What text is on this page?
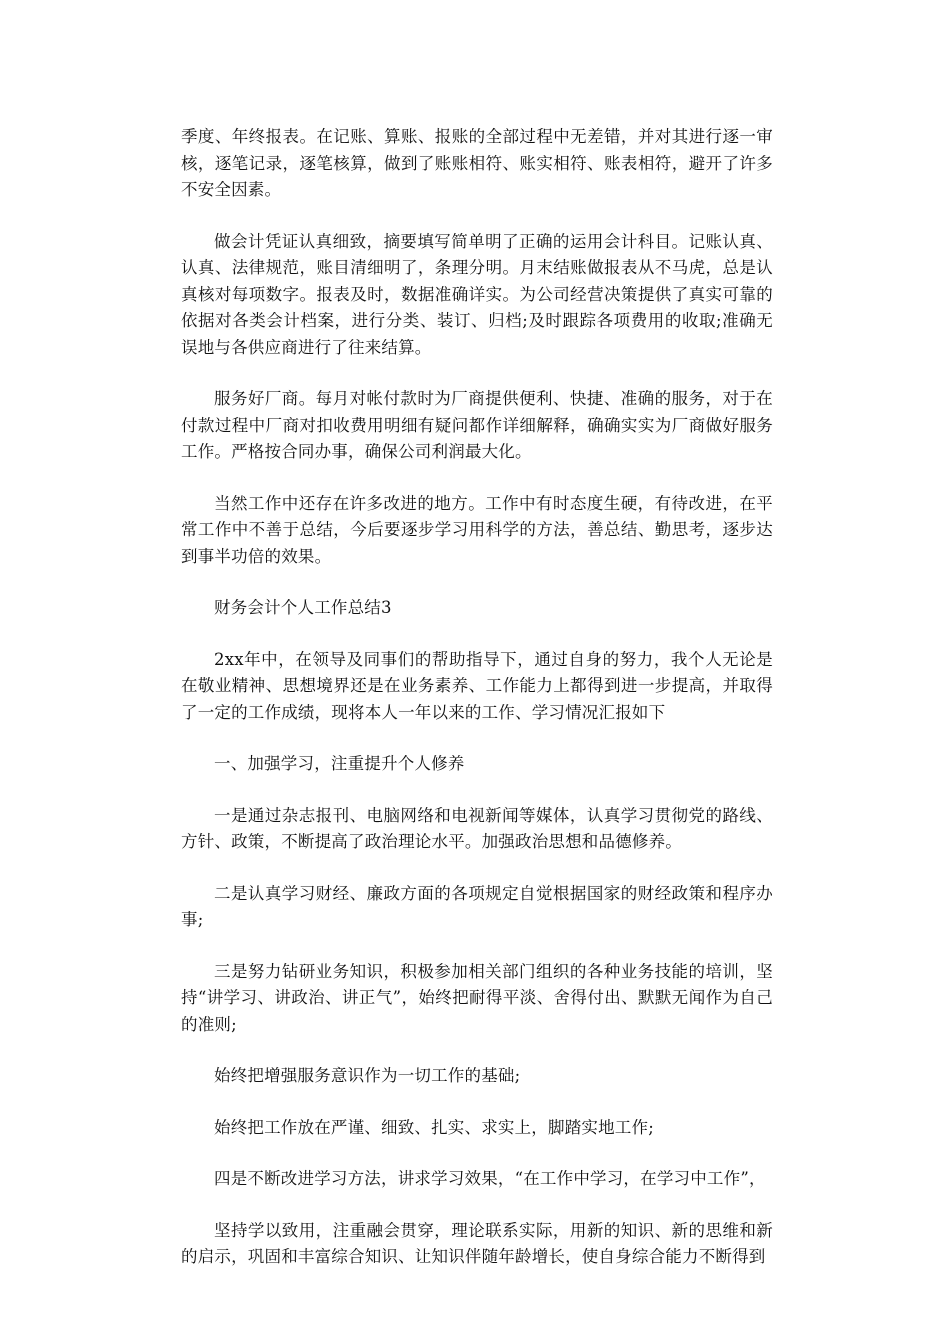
季度、年终报表。在记账、算账、报账的全部过程中无差错，并对其进行逐一审核，逐笔记录，逐笔核算，做到了账账相符、账实相符、账表相符，避开了许多不安全因素。

做会计凭证认真细致，摘要填写简单明了正确的运用会计科目。记账认真、认真、法律规范，账目清细明了，条理分明。月末结账做报表从不马虎，总是认真核对每项数字。报表及时，数据准确详实。为公司经营决策提供了真实可靠的依据对各类会计档案，进行分类、装订、归档;及时跟踪各项费用的收取;准确无误地与各供应商进行了往来结算。

服务好厂商。每月对帐付款时为厂商提供便利、快捷、准确的服务，对于在付款过程中厂商对扣收费用明细有疑问都作详细解释，确确实实为厂商做好服务工作。严格按合同办事，确保公司利润最大化。

当然工作中还存在许多改进的地方。工作中有时态度生硬，有待改进，在平常工作中不善于总结，今后要逐步学习用科学的方法，善总结、勤思考，逐步达到事半功倍的效果。

财务会计个人工作总结3

2xx年中，在领导及同事们的帮助指导下，通过自身的努力，我个人无论是在敬业精神、思想境界还是在业务素养、工作能力上都得到进一步提高，并取得了一定的工作成绩，现将本人一年以来的工作、学习情况汇报如下

一、加强学习，注重提升个人修养

一是通过杂志报刊、电脑网络和电视新闻等媒体，认真学习贯彻党的路线、方针、政策，不断提高了政治理论水平。加强政治思想和品德修养。

二是认真学习财经、廉政方面的各项规定自觉根据国家的财经政策和程序办事;

三是努力钻研业务知识，积极参加相关部门组织的各种业务技能的培训，坚持“讲学习、讲政治、讲正气”，始终把耐得平淡、舍得付出、默默无闻作为自己的准则;

始终把增强服务意识作为一切工作的基础;

始终把工作放在严谨、细致、扎实、求实上，脚踏实地工作;

四是不断改进学习方法，讲求学习效果，“在工作中学习，在学习中工作”，

坚持学以致用，注重融会贯穿，理论联系实际，用新的知识、新的思维和新的启示，巩固和丰富综合知识、让知识伴随年龄增长，使自身综合能力不断得到
